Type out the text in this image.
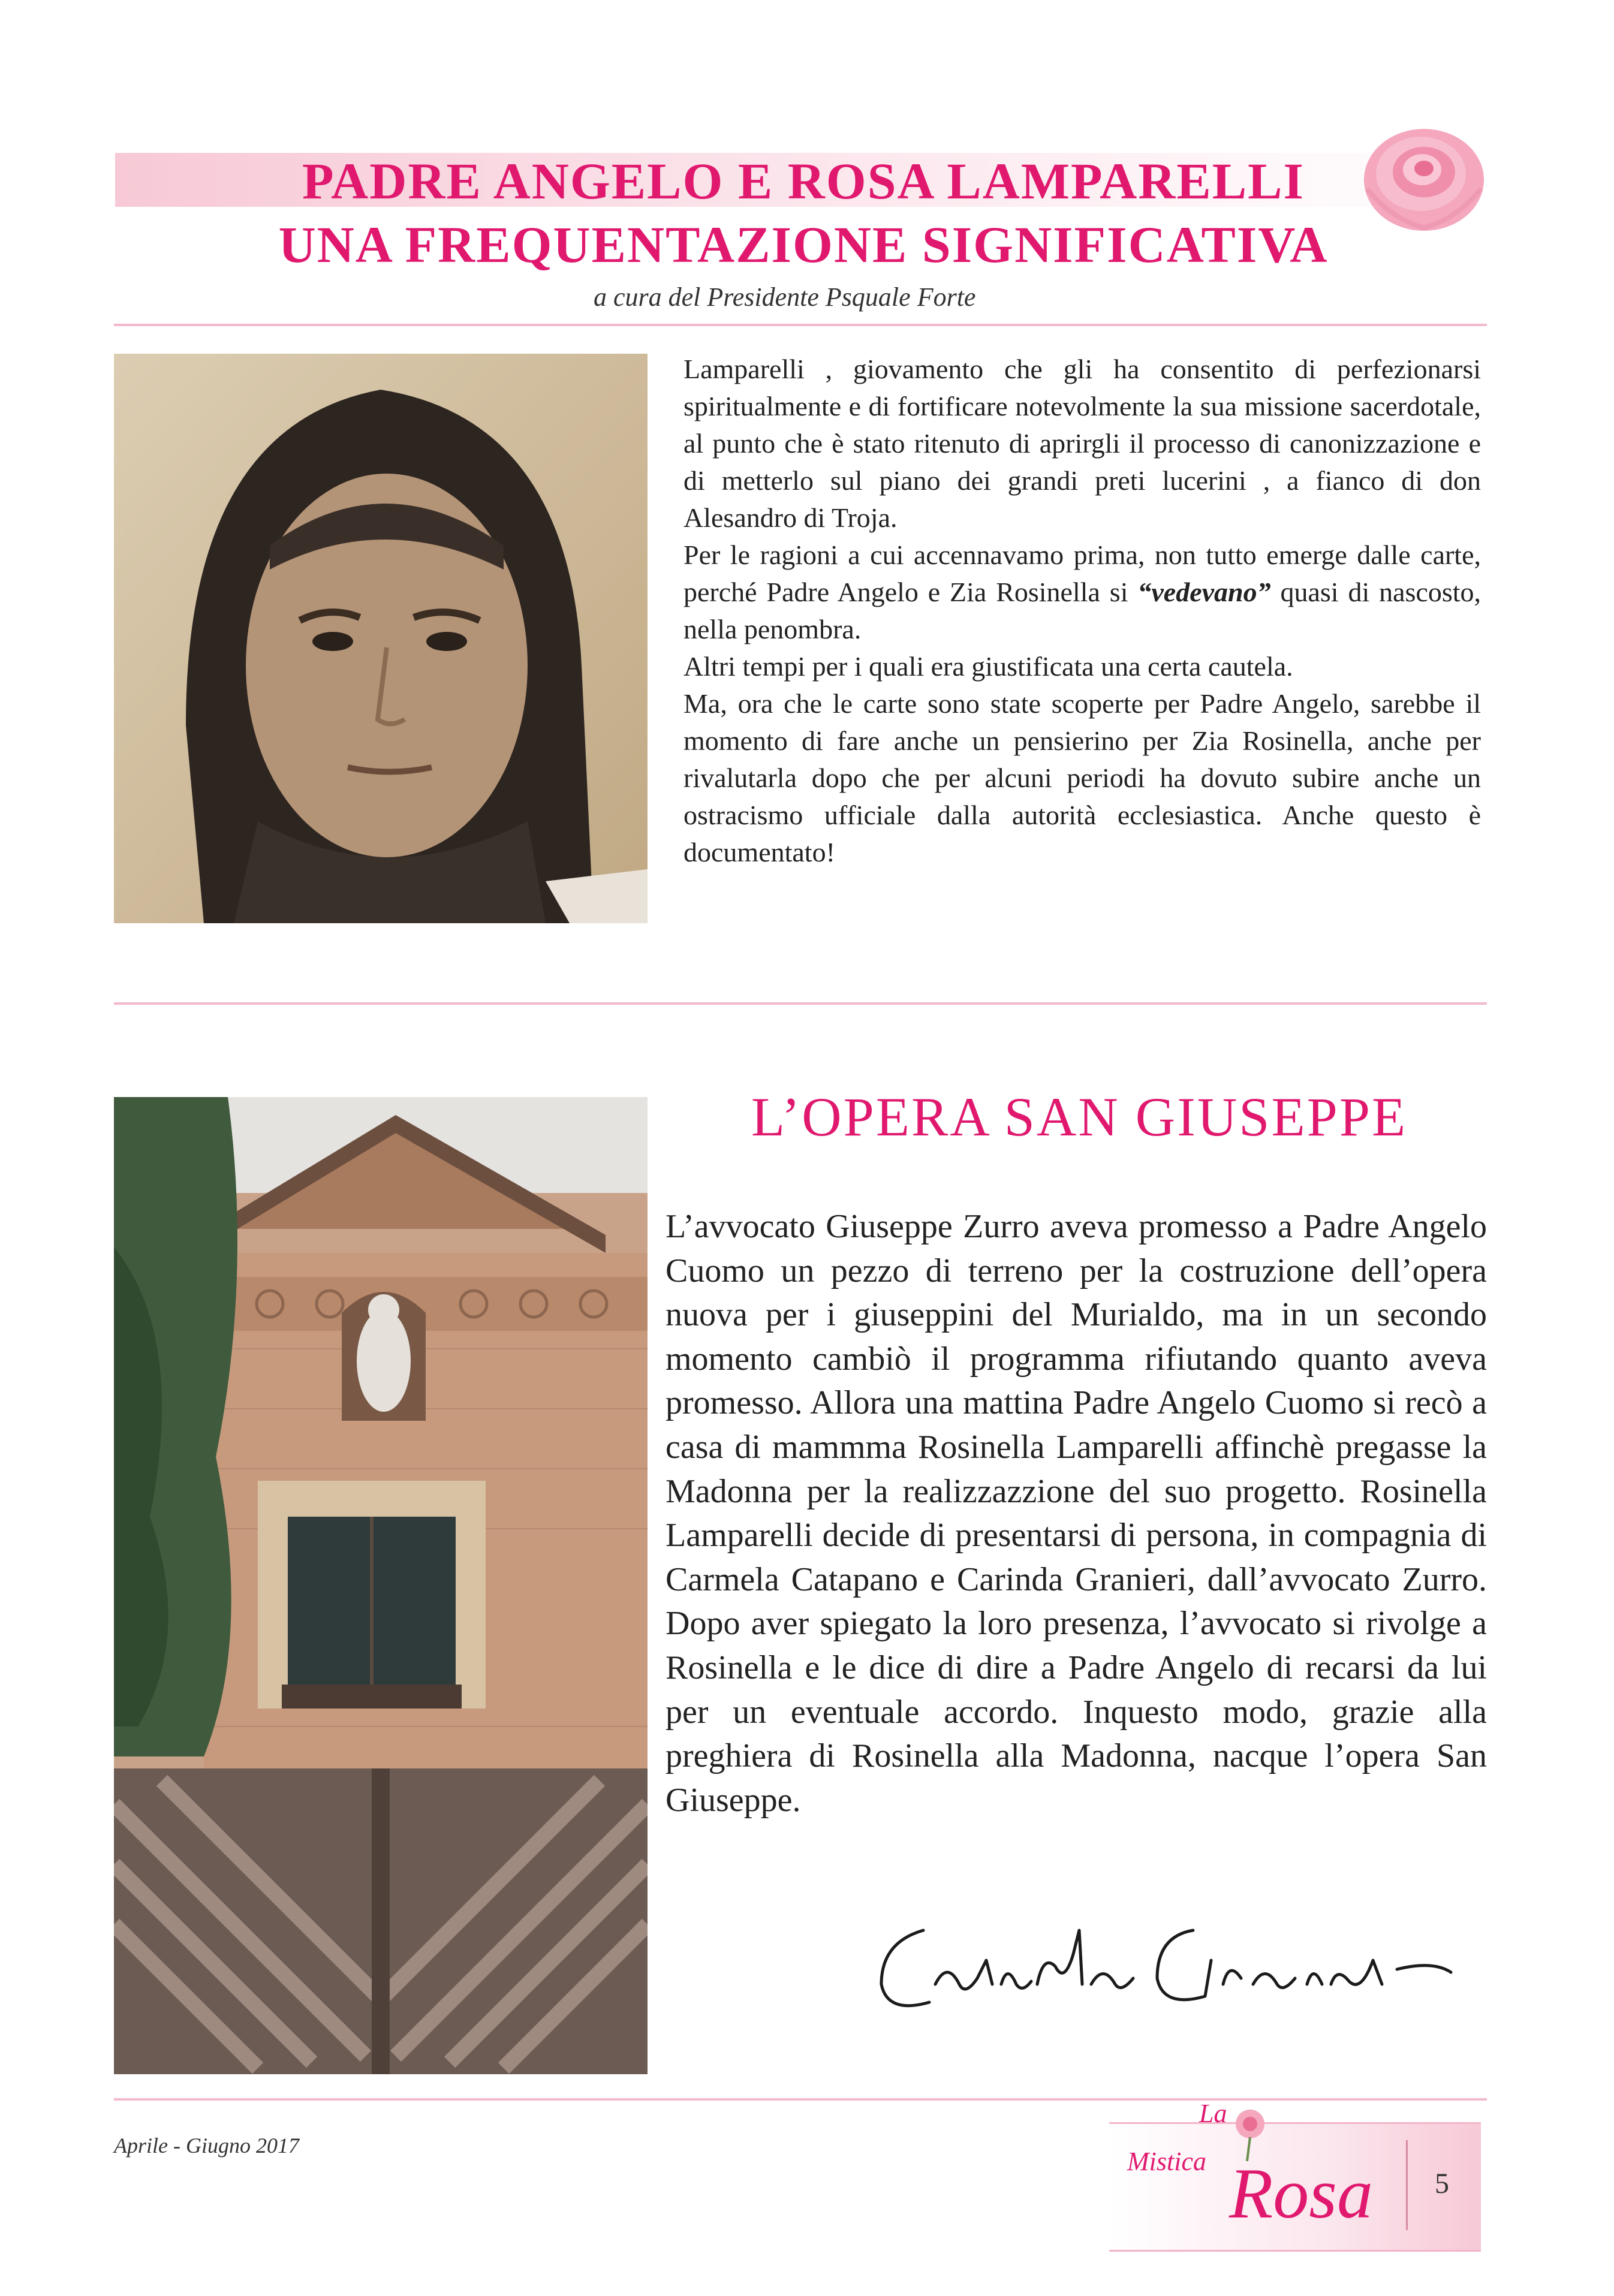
PADRE ANGELO E ROSA LAMPARELLI
UNA FREQUENTAZIONE SIGNIFICATIVA
a cura del Presidente Psquale Forte

Lamparelli , giovamento che gli ha consentito di perfezionarsi spiritualmente e di fortificare notevolmente la sua missione sacerdotale, al punto che è stato ritenuto di aprirgli il processo di canonizzazione e di metterlo sul piano dei grandi preti lucerini , a fianco di don Alesandro di Troja.

Per le ragioni a cui accennavamo prima, non tutto emerge dalle carte, perché Padre Angelo e Zia Rosinella si “vedevano” quasi di nascosto, nella penombra.

Altri tempi per i quali era giustificata una certa cautela.

Ma, ora che le carte sono state scoperte per Padre Angelo, sarebbe il momento di fare anche un pensierino per Zia Rosinella, anche per rivalutarla dopo che per alcuni periodi ha dovuto subire anche un ostracismo ufficiale dalla autorità ecclesiastica. Anche questo è documentato!

L’OPERA SAN GIUSEPPE
L’avvocato Giuseppe Zurro aveva promesso a Padre Angelo Cuomo un pezzo di terreno per la costruzione dell’opera nuova per i giuseppini del Murialdo, ma in un secondo momento cambiò il programma rifiutando quanto aveva promesso. Allora una mattina Padre Angelo Cuomo si recò a casa di mammma Rosinella Lamparelli affinchè pregasse la Madonna per la realizzazzione del suo progetto. Rosinella Lamparelli decide di presentarsi di persona, in compagnia di Carmela Catapano e Carinda Granieri, dall’avvocato Zurro. Dopo aver spiegato la loro presenza, l’avvocato si rivolge a Rosinella e le dice di dire a Padre Angelo di recarsi da lui per un eventuale accordo. Inquesto modo, grazie alla preghiera di Rosinella alla Madonna, nacque l’opera San Giuseppe.
Aprile - Giugno 2017
La
Mistica Rosa	5
